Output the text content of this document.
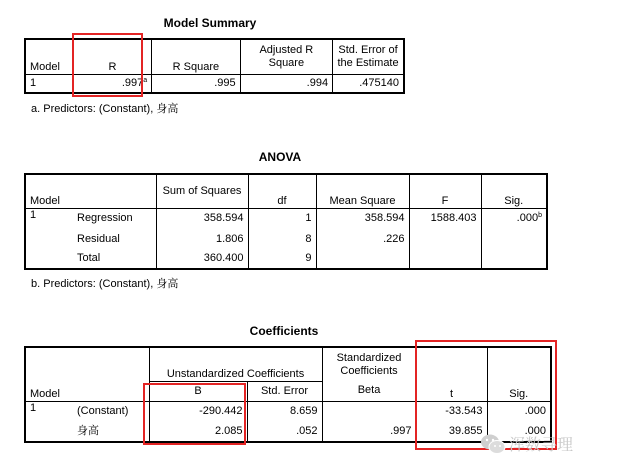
Model Summary
Model	R	R Square	Adjusted R Square	Std. Error of the Estimate
1	.997$^a$	.995	.994	.475140
a. Predictors: (Constant), 身高
ANOVA
Model		Sum of Squares	df	Mean Square	F	Sig.
1	Regression	358.594	1	358.594	1588.403	.000$^b$
	Residual	1.806	8	.226		
	Total	360.400	9			
b. Predictors: (Constant), 身高
Coefficients
Model		Unstandardized Coefficients		Standardized Coefficients	t	Sig.
		B	Std. Error	Beta		
1	(Constant)	-290.442	8.659		-33.543	.000
	身高	2.085	.052	.997	39.855	.000
浑数寻理
